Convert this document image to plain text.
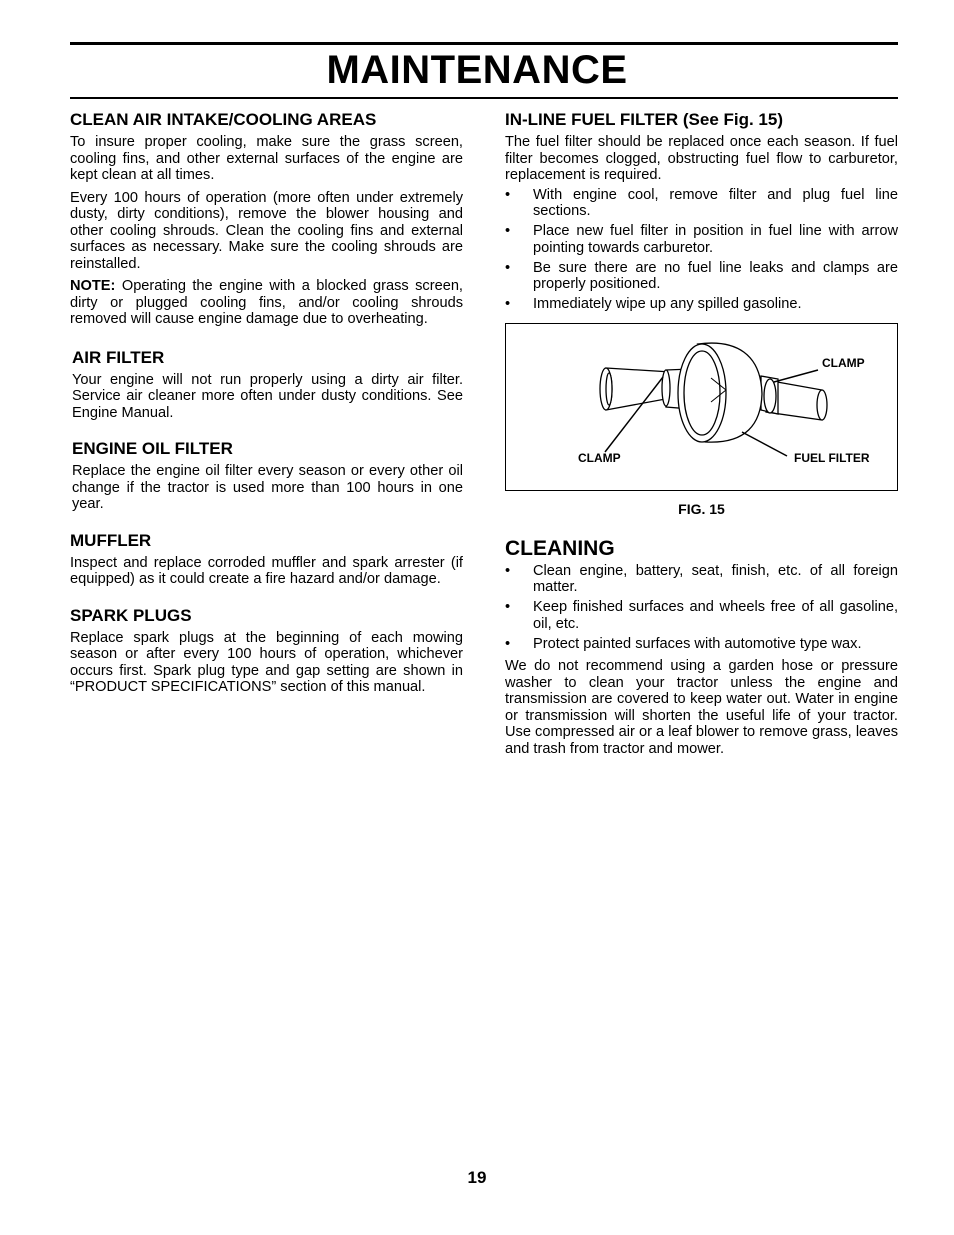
MAINTENANCE
CLEAN AIR INTAKE/COOLING AREAS

To insure proper cooling, make sure the grass screen, cooling fins, and other external surfaces of the engine are kept clean at all times.

Every 100 hours of operation (more often under extremely dusty, dirty conditions), remove the blower housing and other cooling shrouds. Clean the cooling fins and external surfaces as necessary. Make sure the cooling shrouds are reinstalled.

NOTE: Operating the engine with a blocked grass screen, dirty or plugged cooling fins, and/or cooling shrouds removed will cause engine damage due to overheating.

AIR FILTER

Your engine will not run properly using a dirty air filter. Service air cleaner more often under dusty conditions. See Engine Manual.

ENGINE OIL FILTER

Replace the engine oil filter every season or every other oil change if the tractor is used more than 100 hours in one year.

MUFFLER

Inspect and replace corroded muffler and spark arrester (if equipped) as it could create a fire hazard and/or damage.

SPARK PLUGS

Replace spark plugs at the beginning of each mowing season or after every 100 hours of operation, whichever occurs first. Spark plug type and gap setting are shown in “PRODUCT SPECIFICATIONS” section of this manual.

IN-LINE FUEL FILTER (See Fig. 15)

The fuel filter should be replaced once each season. If fuel filter becomes clogged, obstructing fuel flow to carburetor, replacement is required.

• With engine cool, remove filter and plug fuel line sections.
• Place new fuel filter in position in fuel line with arrow pointing towards carburetor.
• Be sure there are no fuel line leaks and clamps are properly positioned.
• Immediately wipe up any spilled gasoline.
CLAMP
CLAMP	FUEL FILTER
FIG. 15
CLEANING
• Clean engine, battery, seat, finish, etc. of all foreign matter.
• Keep finished surfaces and wheels free of all gasoline, oil, etc.
• Protect painted surfaces with automotive type wax.

We do not recommend using a garden hose or pressure washer to clean your tractor unless the engine and transmission are covered to keep water out. Water in engine or transmission will shorten the useful life of your tractor. Use compressed air or a leaf blower to remove grass, leaves and trash from tractor and mower.

19
